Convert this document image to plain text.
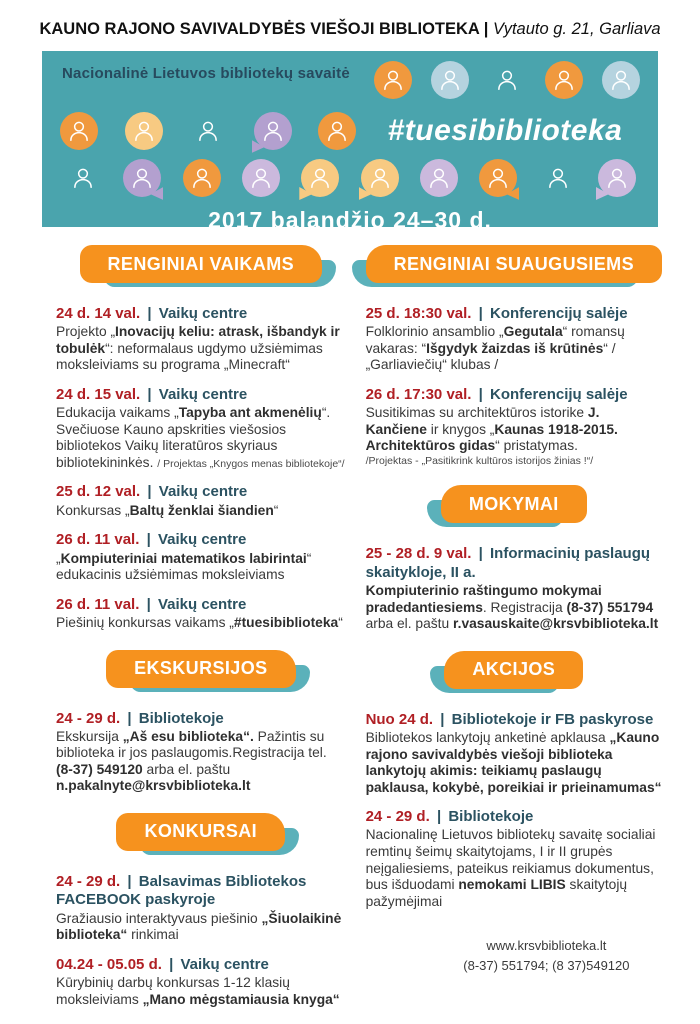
KAUNO RAJONO SAVIVALDYBĖS VIEŠOJI BIBLIOTEKA | Vytauto g. 21, Garliava
Nacionalinė Lietuvos bibliotekų savaitė
#tuesibiblioteka
2017 balandžio 24–30 d.
RENGINIAI VAIKAMS
24 d. 14 val. | Vaikų centre
Projekto „Inovacijų keliu: atrask, išbandyk ir tobulėk“: neformalaus ugdymo užsiėmimas moksleiviams su programa „Minecraft“
24 d. 15 val. | Vaikų centre
Edukacija vaikams „Tapyba ant akmenėlių“. Svečiuose Kauno apskrities viešosios bibliotekos Vaikų literatūros skyriaus bibliotekininkės. / Projektas „Knygos menas bibliotekoje“/
25 d. 12 val. | Vaikų centre
Konkursas „Baltų ženklai šiandien“
26 d. 11 val. | Vaikų centre
„Kompiuteriniai matematikos labirintai“ edukacinis užsiėmimas moksleiviams
26 d. 11 val. | Vaikų centre
Piešinių konkursas vaikams „#tuesibiblioteka“
EKSKURSIJOS
24 - 29 d. | Bibliotekoje
Ekskursija „Aš esu biblioteka“. Pažintis su biblioteka ir jos paslaugomis.Registracija tel. (8-37) 549120 arba el. paštu n.pakalnyte@krsvbiblioteka.lt
KONKURSAI
24 - 29 d. | Balsavimas Bibliotekos FACEBOOK paskyroje
Gražiausio interaktyvaus piešinio „Šiuolaikinė biblioteka“ rinkimai
04.24 - 05.05 d. | Vaikų centre
Kūrybinių darbų konkursas 1-12 klasių moksleiviams „Mano mėgstamiausia knyga“
RENGINIAI SUAUGUSIEMS
25 d. 18:30 val. | Konferencijų salėje
Folklorinio ansamblio „Gegutala“ romansų vakaras: “Išgydyk žaizdas iš krūtinės“ / „Garliaviečių“ klubas /
26 d. 17:30 val. | Konferencijų salėje
Susitikimas su architektūros istorike J. Kančiene ir knygos „Kaunas 1918-2015. Architektūros gidas“ pristatymas.
/Projektas - „Pasitikrink kultūros istorijos žinias !“/
MOKYMAI
25 - 28 d. 9 val. | Informacinių paslaugų skaitykloje, II a.
Kompiuterinio raštingumo mokymai pradedantiesiems. Registracija (8-37) 551794 arba el. paštu r.vasauskaite@krsvbiblioteka.lt
AKCIJOS
Nuo 24 d. | Bibliotekoje ir FB paskyrose
Bibliotekos lankytojų anketinė apklausa „Kauno rajono savivaldybės viešoji biblioteka lankytojų akimis: teikiamų paslaugų paklausa, kokybė, poreikiai ir prieinamumas“
24 - 29 d. | Bibliotekoje
Nacionalinę Lietuvos bibliotekų savaitę socialiai remtinų šeimų skaitytojams, I ir II grupės neįgaliesiems, pateikus reikiamus dokumentus, bus išduodami nemokami LIBIS skaitytojų pažymėjimai
www.krsvbiblioteka.lt
(8-37) 551794; (8 37)549120
